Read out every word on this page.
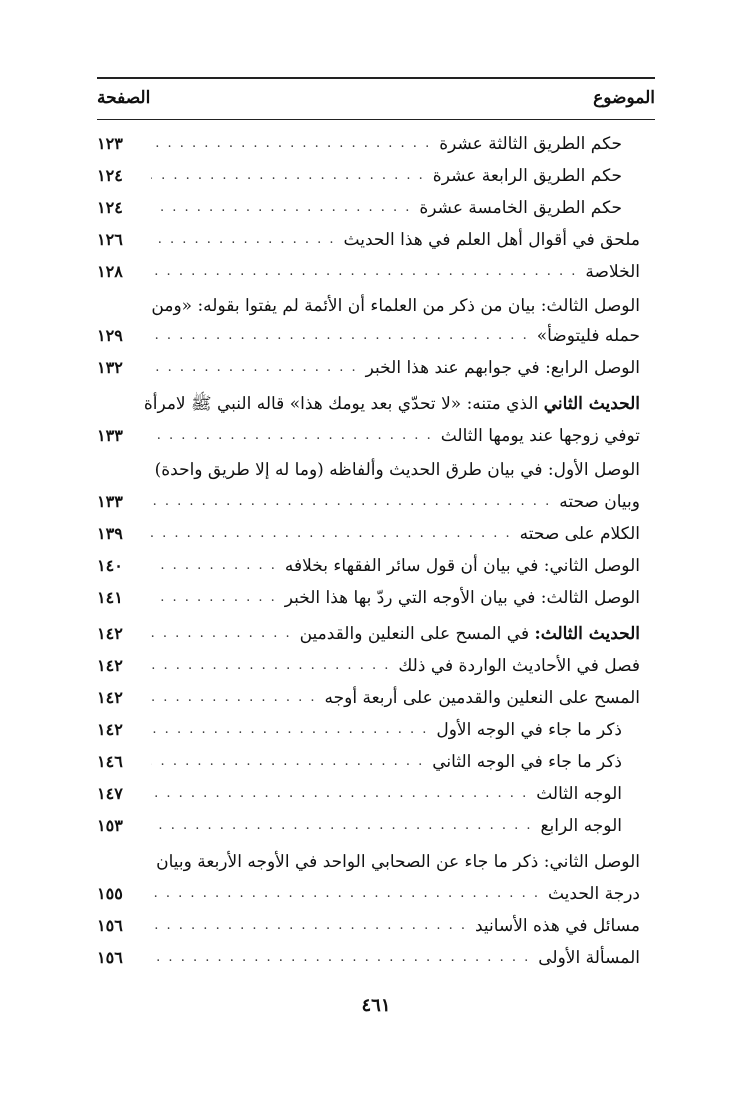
الموضوع
الصفحة
حكم الطريق الثالثة عشرة
. . .
١٢٣
حكم الطريق الرابعة عشرة
. . .
١٢٤
حكم الطريق الخامسة عشرة
. . .
١٢٤
ملحق في أقوال أهل العلم في هذا الحديث
. . .
١٢٦
الخلاصة
. . .
١٢٨
الوصل الثالث: بيان من ذكر من العلماء أن الأئمة لم يفتوا بقوله: «ومن
حمله فليتوضأ»
. . .
١٢٩
الوصل الرابع: في جوابهم عند هذا الخبر
. . .
١٣٢
الحديث الثاني الذي متنه: «لا تحدّي بعد يومك هذا» قاله النبي ﷺ لامرأة
توفي زوجها عند يومها الثالث
. . .
١٣٣
الوصل الأول: في بيان طرق الحديث وألفاظه (وما له إلا طريق واحدة)
وبيان صحته
. . .
١٣٣
الكلام على صحته
. . .
١٣٩
الوصل الثاني: في بيان أن قول سائر الفقهاء بخلافه
. . .
١٤٠
الوصل الثالث: في بيان الأوجه التي ردّ بها هذا الخبر
. . .
١٤١
الحديث الثالث: في المسح على النعلين والقدمين
. . .
١٤٢
فصل في الأحاديث الواردة في ذلك
. . .
١٤٢
المسح على النعلين والقدمين على أربعة أوجه
. . .
١٤٢
ذكر ما جاء في الوجه الأول
. . .
١٤٢
ذكر ما جاء في الوجه الثاني
. . .
١٤٦
الوجه الثالث
. . .
١٤٧
الوجه الرابع
. . .
١٥٣
الوصل الثاني: ذكر ما جاء عن الصحابي الواحد في الأوجه الأربعة وبيان
درجة الحديث
. . .
١٥٥
مسائل في هذه الأسانيد
. . .
١٥٦
المسألة الأولى
. . .
١٥٦
٤٦١
